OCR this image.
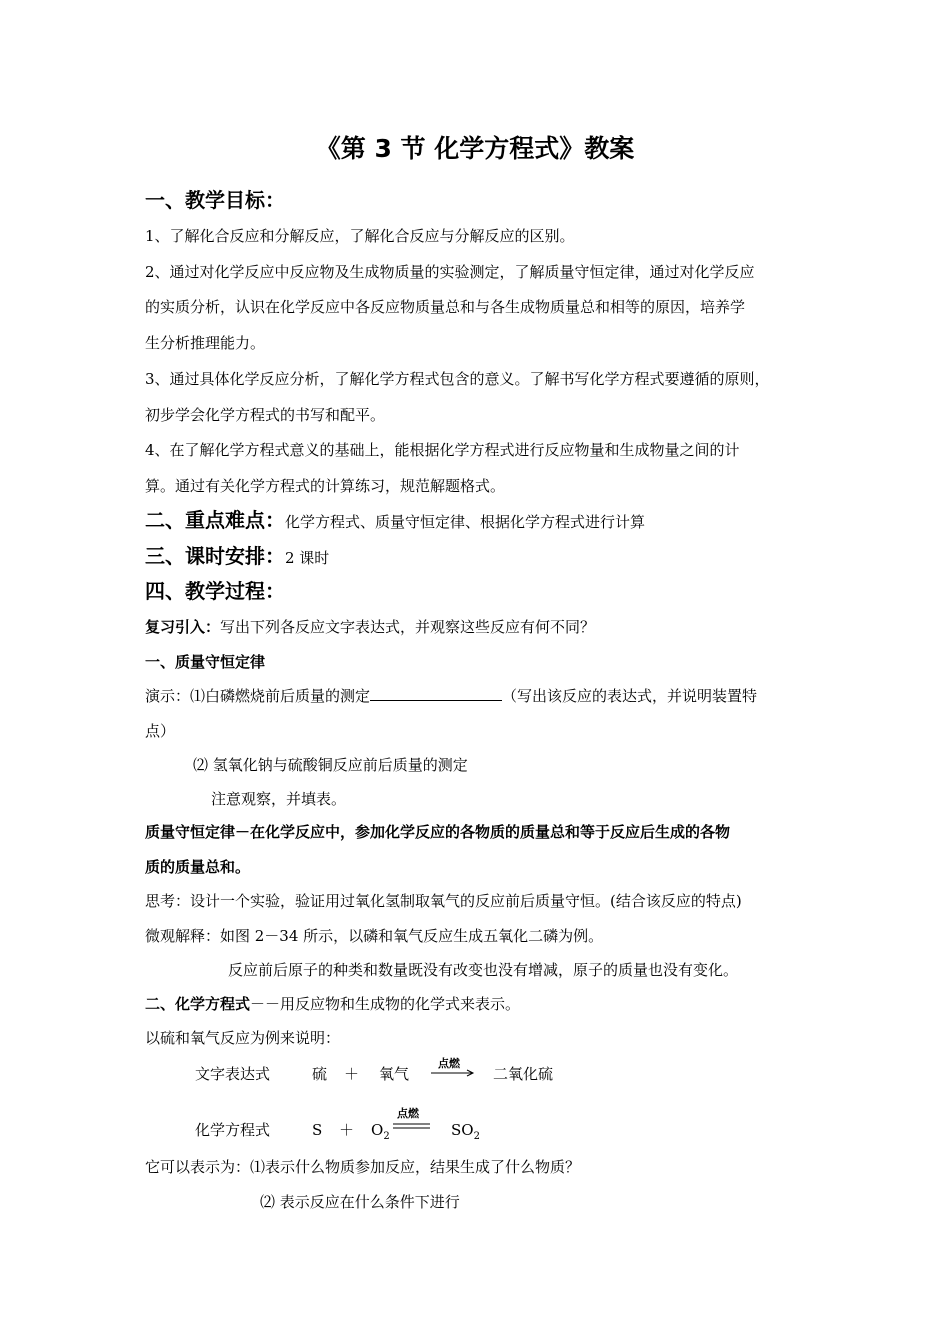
《第 3 节 化学方程式》教案
一、教学目标：
1、了解化合反应和分解反应，了解化合反应与分解反应的区别。
2、通过对化学反应中反应物及生成物质量的实验测定，了解质量守恒定律，通过对化学反应
的实质分析，认识在化学反应中各反应物质量总和与各生成物质量总和相等的原因，培养学
生分析推理能力。
3、通过具体化学反应分析，了解化学方程式包含的意义。了解书写化学方程式要遵循的原则，
初步学会化学方程式的书写和配平。
4、在了解化学方程式意义的基础上，能根据化学方程式进行反应物量和生成物量之间的计
算。通过有关化学方程式的计算练习，规范解题格式。
二、重点难点：化学方程式、质量守恒定律、根据化学方程式进行计算
三、课时安排：2 课时
四、教学过程：
复习引入：写出下列各反应文字表达式，并观察这些反应有何不同？
一、质量守恒定律
演示：⑴白磷燃烧前后质量的测定	（写出该反应的表达式，并说明装置特
点）
⑵ 氢氧化钠与硫酸铜反应前后质量的测定
注意观察，并填表。
质量守恒定律－在化学反应中，参加化学反应的各物质的质量总和等于反应后生成的各物
质的质量总和。
思考：设计一个实验，验证用过氧化氢制取氧气的反应前后质量守恒。(结合该反应的特点)
微观解释：如图 2－34 所示，以磷和氧气反应生成五氧化二磷为例。
反应前后原子的种类和数量既没有改变也没有增减，原子的质量也没有变化。
二、化学方程式－－用反应物和生成物的化学式来表示。
以硫和氧气反应为例来说明：
文字表达式	硫 ＋ 氧气
点燃
→ 二氧化硫
化学方程式	$S + O_2$
点燃
$SO_2$
它可以表示为：⑴表示什么物质参加反应，结果生成了什么物质？
⑵ 表示反应在什么条件下进行
